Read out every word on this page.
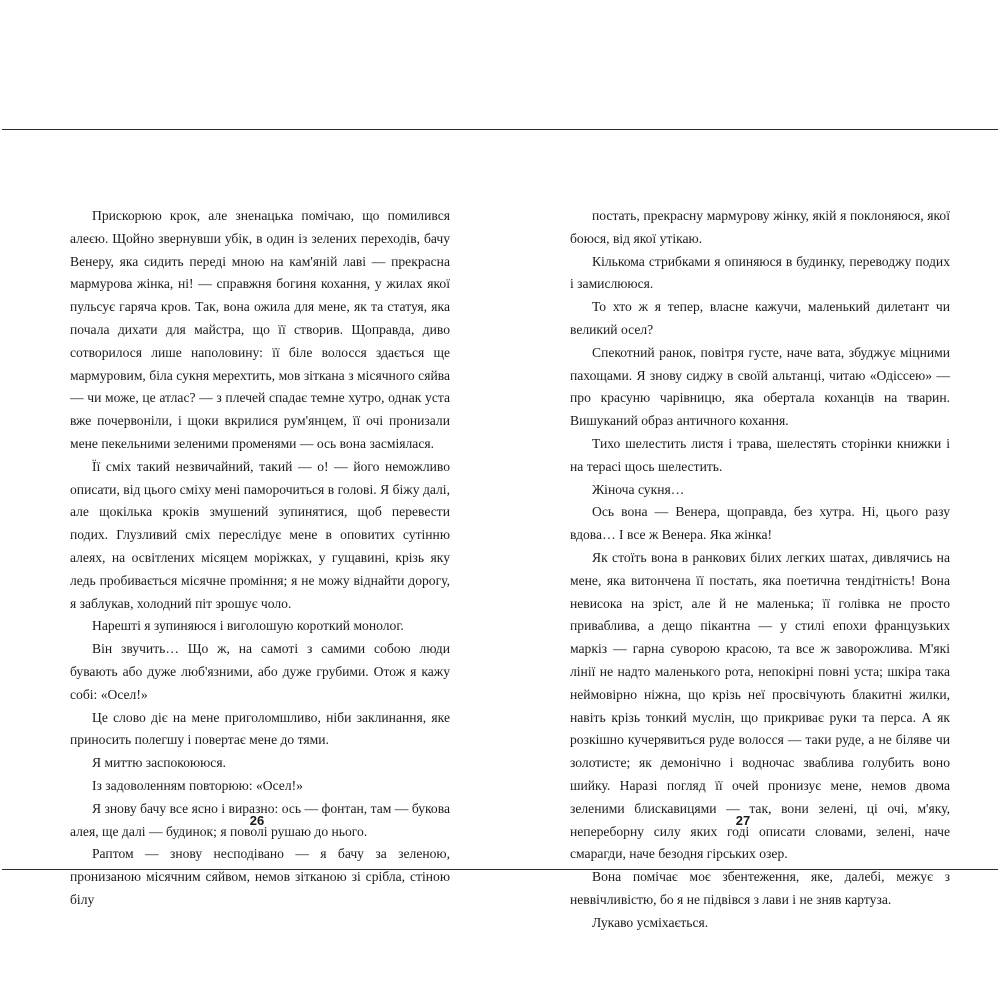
Прискорюю крок, але зненацька помічаю, що помилився алеєю. Щойно звернувши убік, в один із зелених переходів, бачу Венеру, яка сидить переді мною на кам'яній лаві — прекрасна мармурова жінка, ні! — справжня богиня кохання, у жилах якої пульсує гаряча кров. Так, вона ожила для мене, як та статуя, яка почала дихати для майстра, що її створив. Щоправда, диво сотворилося лише наполовину: її біле волосся здається ще мармуровим, біла сукня мерехтить, мов зіткана з місячного сяйва — чи може, це атлас? — з плечей спадає темне хутро, однак уста вже почервоніли, і щоки вкрилися рум'янцем, її очі пронизали мене пекельними зеленими променями — ось вона засміялася.

Її сміх такий незвичайний, такий — о! — його неможливо описати, від цього сміху мені паморочиться в голові. Я біжу далі, але щокілька кроків змушений зупинятися, щоб перевести подих. Глузливий сміх переслідує мене в оповитих сутінню алеях, на освітлених місяцем моріжках, у гущавині, крізь яку ледь пробивається місячне проміння; я не можу віднайти дорогу, я заблукав, холодний піт зрошує чоло.

Нарешті я зупиняюся і виголошую короткий монолог.

Він звучить… Що ж, на самоті з самими собою люди бувають або дуже люб'язними, або дуже грубими. Отож я кажу собі: «Осел!»

Це слово діє на мене приголомшливо, ніби заклинання, яке приносить полегшу і повертає мене до тями.

Я миттю заспокоююся.

Із задоволенням повторюю: «Осел!»

Я знову бачу все ясно і виразно: ось — фонтан, там — букова алея, ще далі — будинок; я поволі рушаю до нього.

Раптом — знову несподівано — я бачу за зеленою, пронизаною місячним сяйвом, немов зітканою зі срібла, стіною білу

26

постать, прекрасну мармурову жінку, якій я поклоняюся, якої боюся, від якої утікаю.

Кількома стрибками я опиняюся в будинку, переводжу подих і замислююся.

То хто ж я тепер, власне кажучи, маленький дилетант чи великий осел?

Спекотний ранок, повітря густе, наче вата, збуджує міцними пахощами. Я знову сиджу в своїй альтанці, читаю «Одіссею» — про красуню чарівницю, яка обертала коханців на тварин. Вишуканий образ античного кохання.

Тихо шелестить листя і трава, шелестять сторінки книжки і на терасі щось шелестить.

Жіноча сукня…

Ось вона — Венера, щоправда, без хутра. Ні, цього разу вдова… І все ж Венера. Яка жінка!

Як стоїть вона в ранкових білих легких шатах, дивлячись на мене, яка витончена її постать, яка поетична тендітність! Вона невисока на зріст, але й не маленька; її голівка не просто приваблива, а дещо пікантна — у стилі епохи французьких маркіз — гарна суворою красою, та все ж заворожлива. М'які лінії не надто маленького рота, непокірні повні уста; шкіра така неймовірно ніжна, що крізь неї просвічують блакитні жилки, навіть крізь тонкий муслін, що прикриває руки та перса. А як розкішно кучерявиться руде волосся — таки руде, а не біляве чи золотисте; як демонічно і водночас зваблива голубить воно шийку. Наразі погляд її очей пронизує мене, немов двома зеленими блискавицями — так, вони зелені, ці очі, м'яку, непереборну силу яких годі описати словами, зелені, наче смарагди, наче безодня гірських озер.

Вона помічає моє збентеження, яке, далебі, межує з неввічливістю, бо я не підвівся з лави і не зняв картуза.

Лукаво усміхається.

27
